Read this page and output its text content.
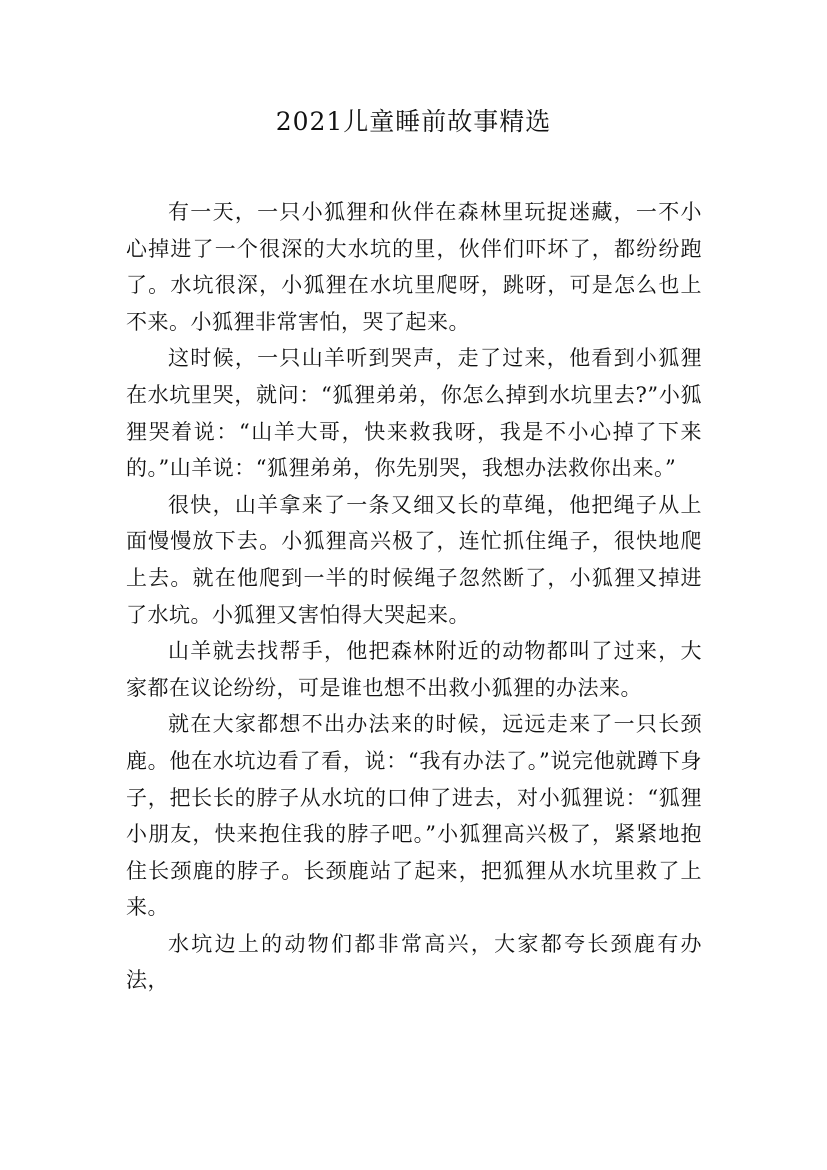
2021儿童睡前故事精选

有一天，一只小狐狸和伙伴在森林里玩捉迷藏，一不小心掉进了一个很深的大水坑的里，伙伴们吓坏了，都纷纷跑了。水坑很深，小狐狸在水坑里爬呀，跳呀，可是怎么也上不来。小狐狸非常害怕，哭了起来。

这时候，一只山羊听到哭声，走了过来，他看到小狐狸在水坑里哭，就问：“狐狸弟弟，你怎么掉到水坑里去?”小狐狸哭着说：“山羊大哥，快来救我呀，我是不小心掉了下来的。”山羊说：“狐狸弟弟，你先别哭，我想办法救你出来。”

很快，山羊拿来了一条又细又长的草绳，他把绳子从上面慢慢放下去。小狐狸高兴极了，连忙抓住绳子，很快地爬上去。就在他爬到一半的时候绳子忽然断了，小狐狸又掉进了水坑。小狐狸又害怕得大哭起来。

山羊就去找帮手，他把森林附近的动物都叫了过来，大家都在议论纷纷，可是谁也想不出救小狐狸的办法来。

就在大家都想不出办法来的时候，远远走来了一只长颈鹿。他在水坑边看了看，说：“我有办法了。”说完他就蹲下身子，把长长的脖子从水坑的口伸了进去，对小狐狸说：“狐狸小朋友，快来抱住我的脖子吧。”小狐狸高兴极了，紧紧地抱住长颈鹿的脖子。长颈鹿站了起来，把狐狸从水坑里救了上来。

水坑边上的动物们都非常高兴，大家都夸长颈鹿有办法，
